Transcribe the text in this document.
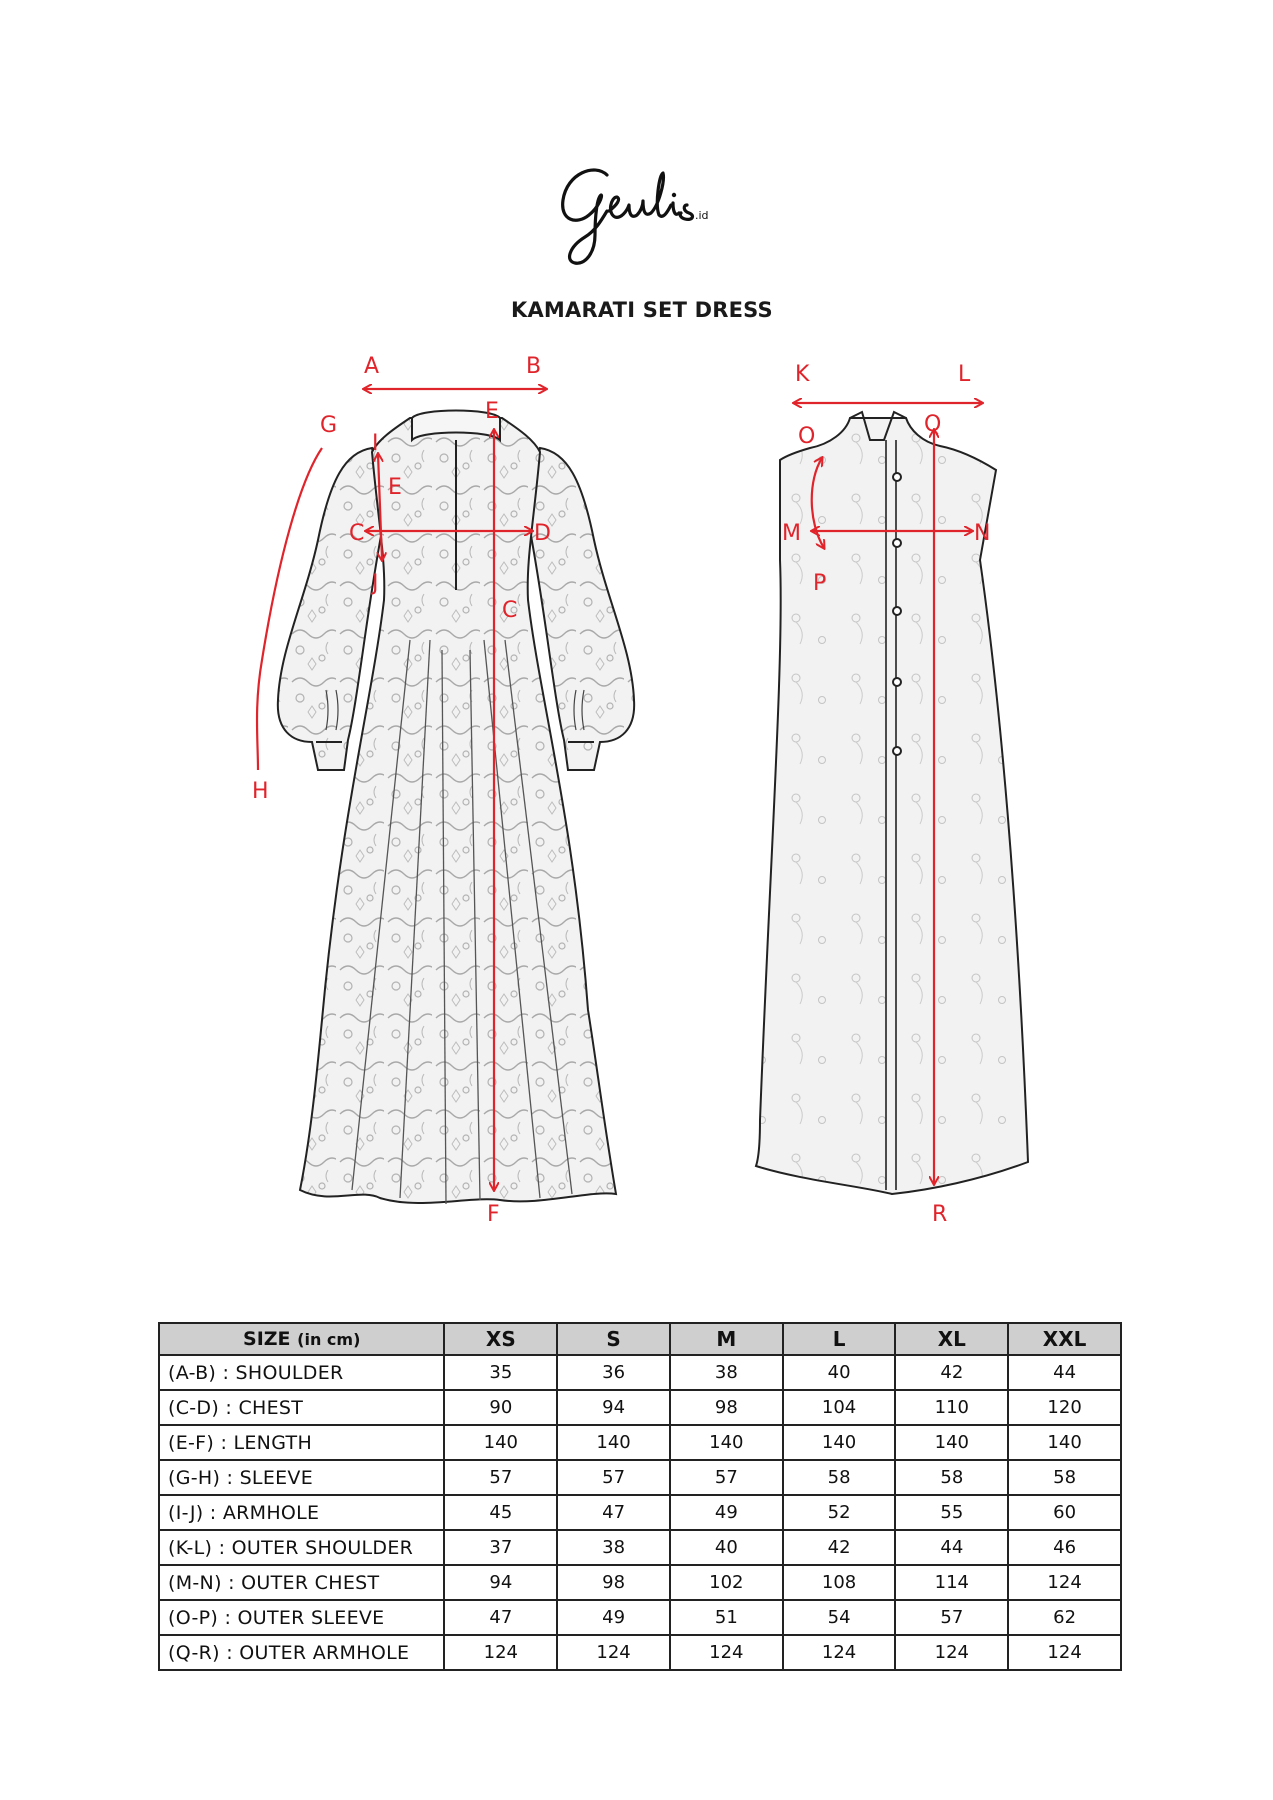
.id
KAMARATI SET DRESS
A	B
G
I
E
F
E
C	D
J
C
H
K	L
O	Q
M	N
P
R
SIZE (in cm)	XS	S	M	L	XL	XXL
(A-B) : SHOULDER	35	36	38	40	42	44
(C-D) : CHEST	90	94	98	104	110	120
(E-F) : LENGTH	140	140	140	140	140	140
(G-H) : SLEEVE	57	57	57	58	58	58
(I-J) : ARMHOLE	45	47	49	52	55	60
(K-L) : OUTER SHOULDER	37	38	40	42	44	46
(M-N) : OUTER CHEST	94	98	102	108	114	124
(O-P) : OUTER SLEEVE	47	49	51	54	57	62
(Q-R) : OUTER ARMHOLE	124	124	124	124	124	124
